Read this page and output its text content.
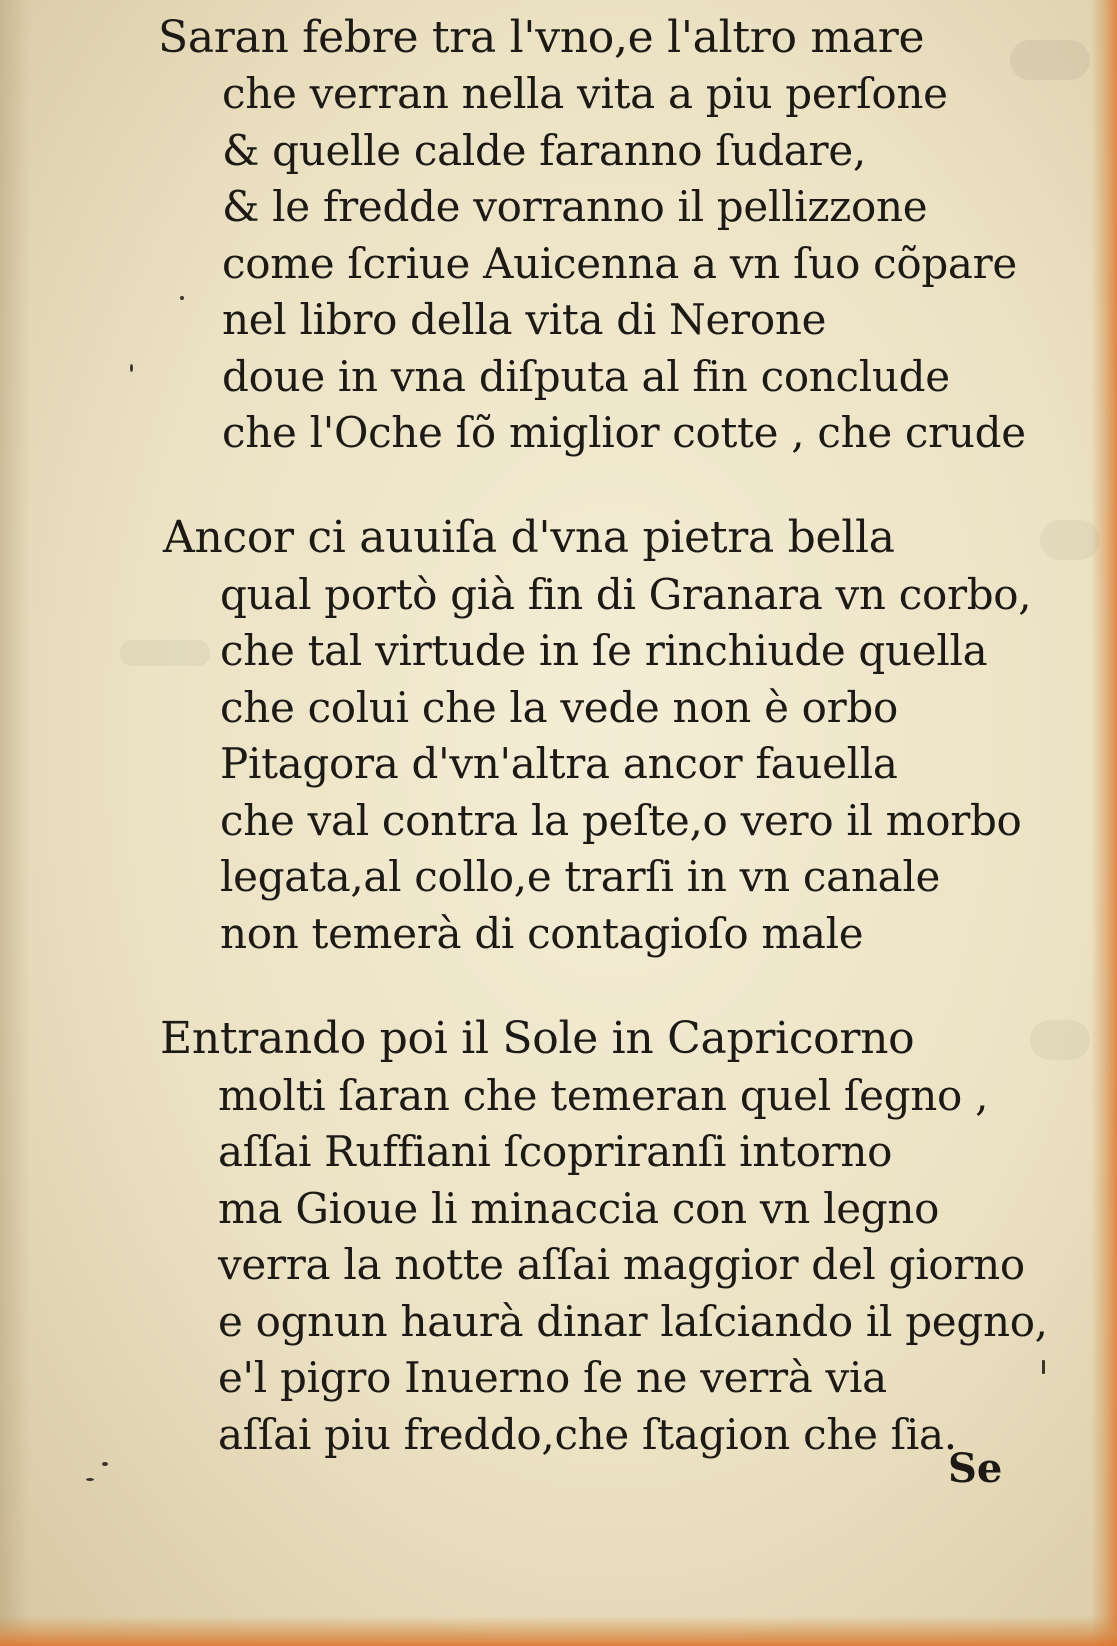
Saran febre tra l'vno,e l'altro mare
che verran nella vita a piu perſone
& quelle calde faranno ſudare,
& le fredde vorranno il pellizzone
come ſcriue Auicenna a vn ſuo cõpare
nel libro della vita di Nerone
doue in vna diſputa al fin conclude
che l'Oche ſõ miglior cotte , che crude
Ancor ci auuiſa d'vna pietra bella
qual portò già fin di Granara vn corbo,
che tal virtude in ſe rinchiude quella
che colui che la vede non è orbo
Pitagora d'vn'altra ancor fauella
che val contra la peſte,o vero il morbo
legata,al collo,e trarſi in vn canale
non temerà di contagioſo male
Entrando poi il Sole in Capricorno
molti ſaran che temeran quel ſegno ,
aſſai Ruffiani ſcopriranſi intorno
ma Gioue li minaccia con vn legno
verra la notte aſſai maggior del giorno
e ognun haurà dinar laſciando il pegno,
e'l pigro Inuerno ſe ne verrà via
aſſai piu freddo,che ſtagion che ſia.
Se
